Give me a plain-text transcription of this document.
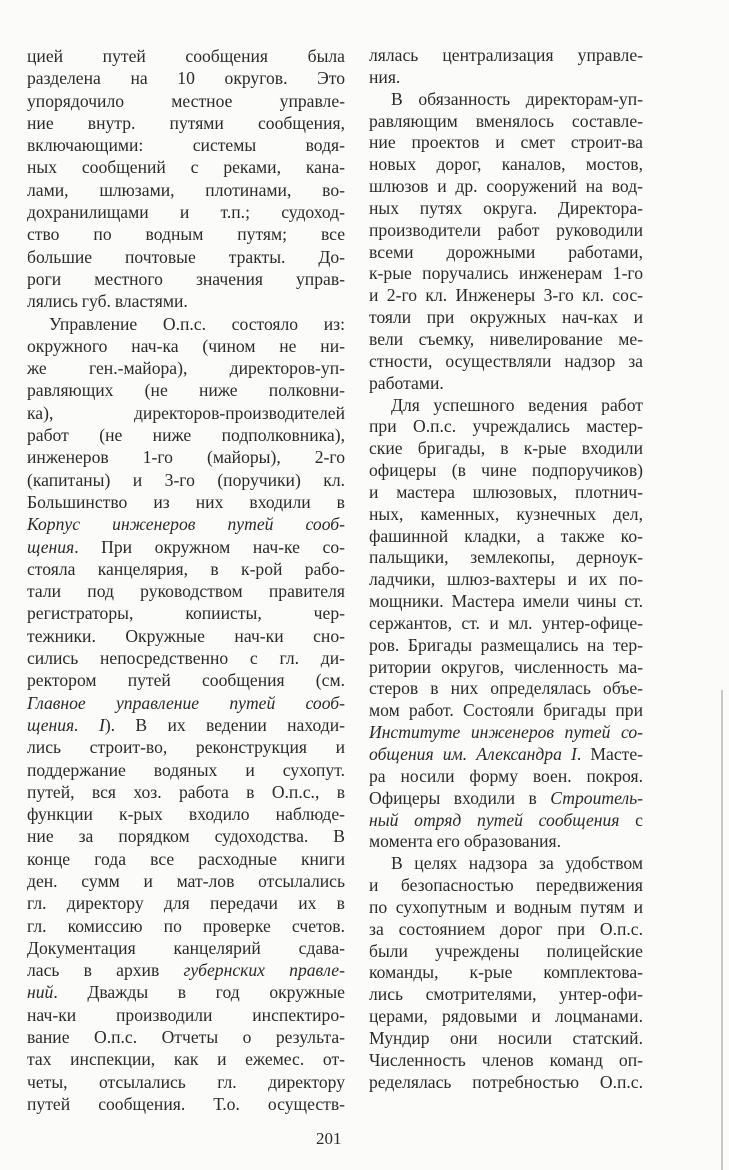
цией путей сообщения была
разделена на 10 округов. Это
упорядочило местное управле-
ние внутр. путями сообщения,
включающими: системы водя-
ных сообщений с реками, кана-
лами, шлюзами, плотинами, во-
дохранилищами и т.п.; судоход-
ство по водным путям; все
большие почтовые тракты. До-
роги местного значения управ-
лялись губ. властями.
Управление О.п.с. состояло из:
окружного нач-ка (чином не ни-
же ген.-майора), директоров-уп-
равляющих (не ниже полковни-
ка), директоров-производителей
работ (не ниже подполковника),
инженеров 1-го (майоры), 2-го
(капитаны) и 3-го (поручики) кл.
Большинство из них входили в
Корпус инженеров путей сооб-
щения. При окружном нач-ке со-
стояла канцелярия, в к-рой рабо-
тали под руководством правителя
регистраторы, копиисты, чер-
тежники. Окружные нач-ки сно-
сились непосредственно с гл. ди-
ректором путей сообщения (см.
Главное управление путей сооб-
щения. I). В их ведении находи-
лись строит-во, реконструкция и
поддержание водяных и сухопут.
путей, вся хоз. работа в О.п.с., в
функции к-рых входило наблюде-
ние за порядком судоходства. В
конце года все расходные книги
ден. сумм и мат-лов отсылались
гл. директору для передачи их в
гл. комиссию по проверке счетов.
Документация канцелярий сдава-
лась в архив губернских правле-
ний. Дважды в год окружные
нач-ки производили инспектиро-
вание О.п.с. Отчеты о результа-
тах инспекции, как и ежемес. от-
четы, отсылались гл. директору
путей сообщения. Т.о. осуществ-
лялась централизация управле-
ния.
В обязанность директорам-уп-
равляющим вменялось составле-
ние проектов и смет строит-ва
новых дорог, каналов, мостов,
шлюзов и др. сооружений на вод-
ных путях округа. Директора-
производители работ руководили
всеми дорожными работами,
к-рые поручались инженерам 1-го
и 2-го кл. Инженеры 3-го кл. сос-
тояли при окружных нач-ках и
вели съемку, нивелирование ме-
стности, осуществляли надзор за
работами.
Для успешного ведения работ
при О.п.с. учреждались мастер-
ские бригады, в к-рые входили
офицеры (в чине подпоручиков)
и мастера шлюзовых, плотнич-
ных, каменных, кузнечных дел,
фашинной кладки, а также ко-
пальщики, землекопы, дерноук-
ладчики, шлюз-вахтеры и их по-
мощники. Мастера имели чины ст.
сержантов, ст. и мл. унтер-офице-
ров. Бригады размещались на тер-
ритории округов, численность ма-
стеров в них определялась объе-
мом работ. Состояли бригады при
Институте инженеров путей со-
общения им. Александра I. Масте-
ра носили форму воен. покроя.
Офицеры входили в Строитель-
ный отряд путей сообщения с
момента его образования.
В целях надзора за удобством
и безопасностью передвижения
по сухопутным и водным путям и
за состоянием дорог при О.п.с.
были учреждены полицейские
команды, к-рые комплектова-
лись смотрителями, унтер-офи-
церами, рядовыми и лоцманами.
Мундир они носили статский.
Численность членов команд оп-
ределялась потребностью О.п.с.
201
